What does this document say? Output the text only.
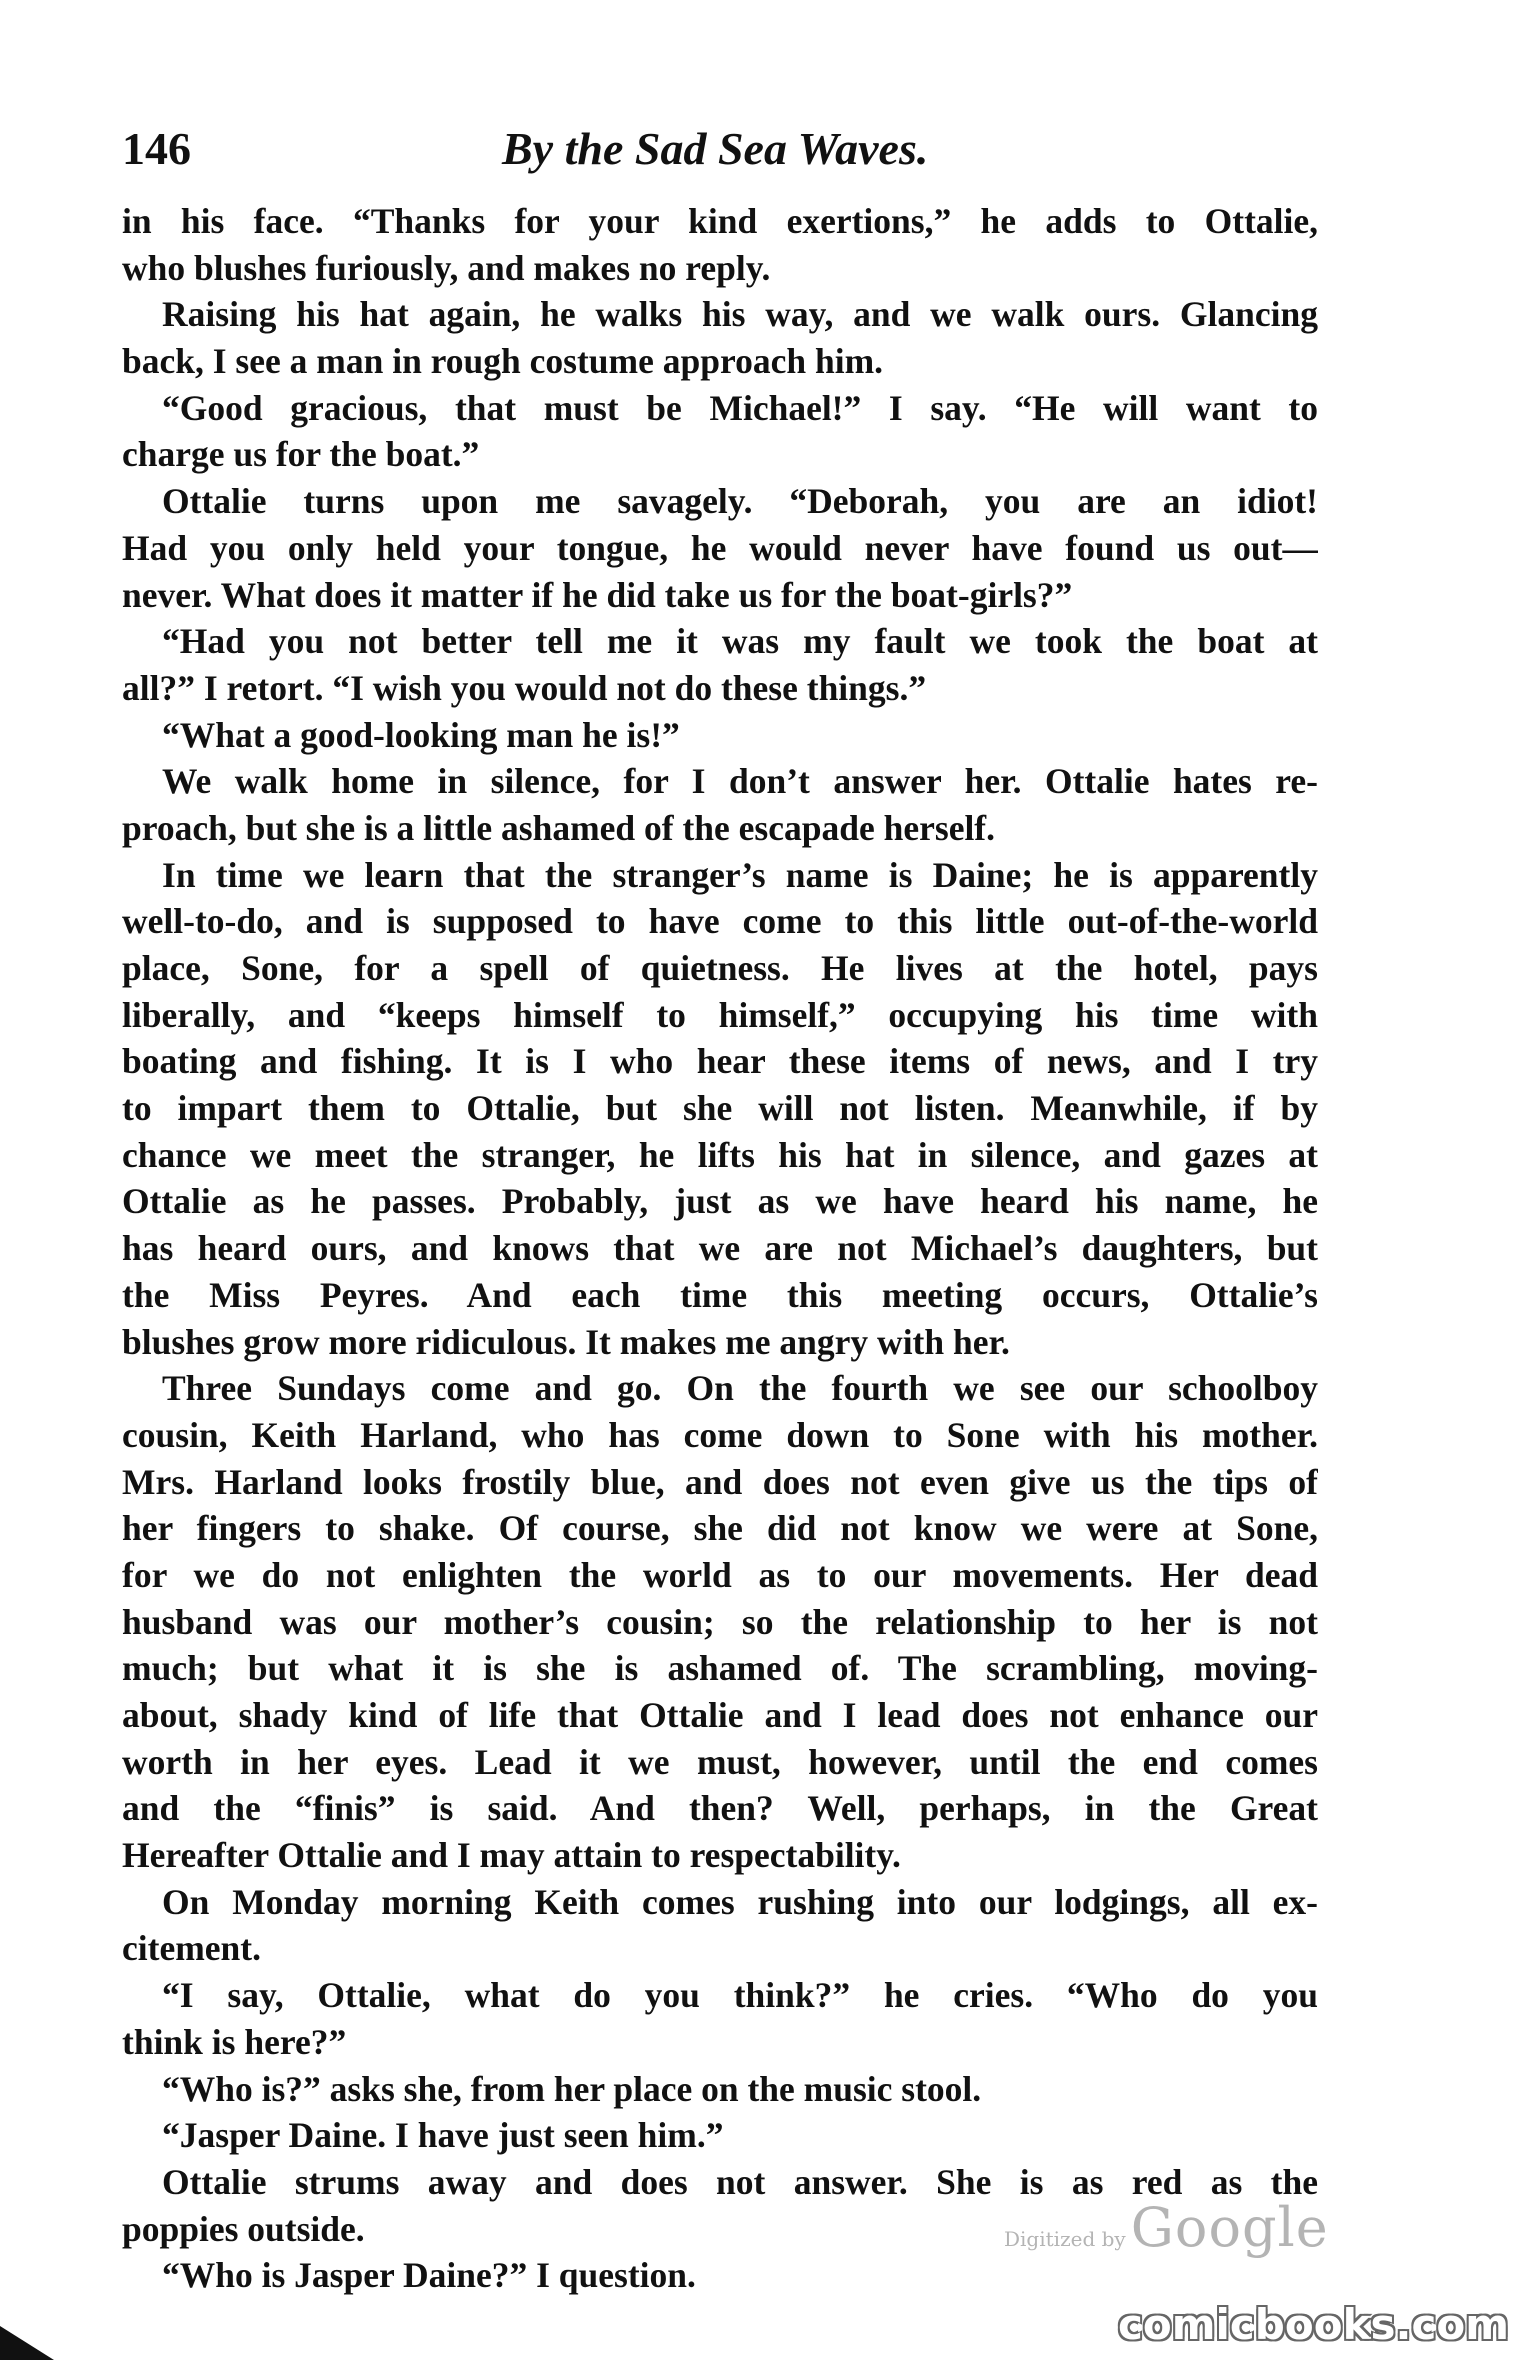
146	By the Sad Sea Waves.
in his face. “Thanks for your kind exertions,” he adds to Ottalie,
who blushes furiously, and makes no reply.
Raising his hat again, he walks his way, and we walk ours. Glancing
back, I see a man in rough costume approach him.
“Good gracious, that must be Michael!” I say. “He will want to
charge us for the boat.”
Ottalie turns upon me savagely. “Deborah, you are an idiot!
Had you only held your tongue, he would never have found us out—
never. What does it matter if he did take us for the boat-girls?”
“Had you not better tell me it was my fault we took the boat at
all?” I retort. “I wish you would not do these things.”
“What a good-looking man he is!”
We walk home in silence, for I don’t answer her. Ottalie hates re-
proach, but she is a little ashamed of the escapade herself.
In time we learn that the stranger’s name is Daine; he is apparently
well-to-do, and is supposed to have come to this little out-of-the-world
place, Sone, for a spell of quietness. He lives at the hotel, pays
liberally, and “keeps himself to himself,” occupying his time with
boating and fishing. It is I who hear these items of news, and I try
to impart them to Ottalie, but she will not listen. Meanwhile, if by
chance we meet the stranger, he lifts his hat in silence, and gazes at
Ottalie as he passes. Probably, just as we have heard his name, he
has heard ours, and knows that we are not Michael’s daughters, but
the Miss Peyres. And each time this meeting occurs, Ottalie’s
blushes grow more ridiculous. It makes me angry with her.
Three Sundays come and go. On the fourth we see our schoolboy
cousin, Keith Harland, who has come down to Sone with his mother.
Mrs. Harland looks frostily blue, and does not even give us the tips of
her fingers to shake. Of course, she did not know we were at Sone,
for we do not enlighten the world as to our movements. Her dead
husband was our mother’s cousin; so the relationship to her is not
much; but what it is she is ashamed of. The scrambling, moving-
about, shady kind of life that Ottalie and I lead does not enhance our
worth in her eyes. Lead it we must, however, until the end comes
and the “finis” is said. And then? Well, perhaps, in the Great
Hereafter Ottalie and I may attain to respectability.
On Monday morning Keith comes rushing into our lodgings, all ex-
citement.
“I say, Ottalie, what do you think?” he cries. “Who do you
think is here?”
“Who is?” asks she, from her place on the music stool.
“Jasper Daine. I have just seen him.”
Ottalie strums away and does not answer. She is as red as the
poppies outside.
“Who is Jasper Daine?” I question.
Digitized by Google
comicbooks.com
